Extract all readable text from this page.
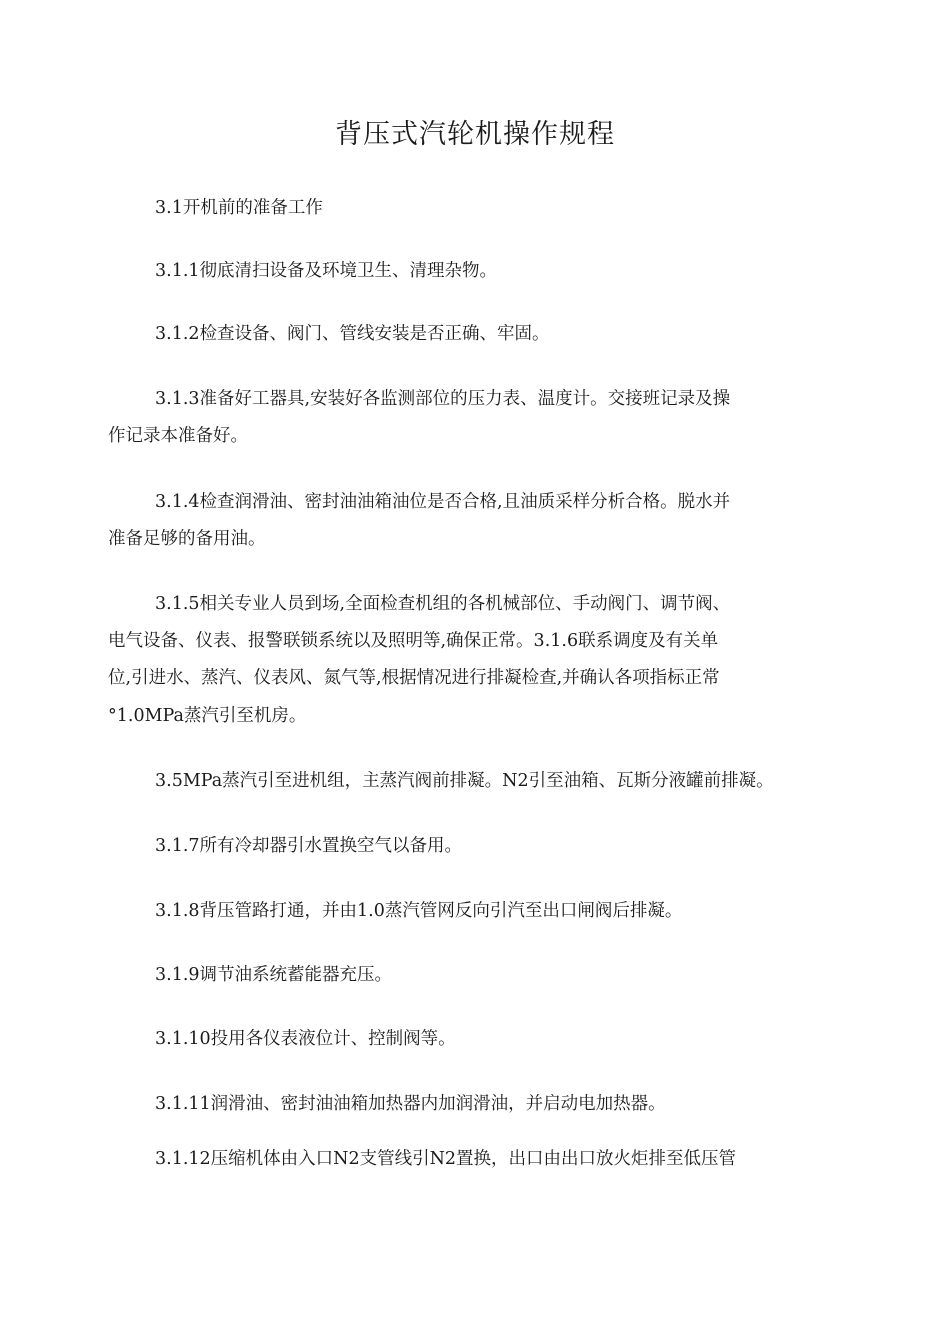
背压式汽轮机操作规程
3.1开机前的准备工作
3.1.1彻底清扫设备及环境卫生、清理杂物。
3.1.2检查设备、阀门、管线安装是否正确、牢固。
3.1.3准备好工器具,安装好各监测部位的压力表、温度计。交接班记录及操
作记录本准备好。
3.1.4检查润滑油、密封油油箱油位是否合格,且油质采样分析合格。脱水并
准备足够的备用油。
3.1.5相关专业人员到场,全面检查机组的各机械部位、手动阀门、调节阀、
电气设备、仪表、报警联锁系统以及照明等,确保正常。3.1.6联系调度及有关单
位,引进水、蒸汽、仪表风、氮气等,根据情况进行排凝检查,并确认各项指标正常
°1.0MPa蒸汽引至机房。
3.5MPa蒸汽引至进机组，主蒸汽阀前排凝。N2引至油箱、瓦斯分液罐前排凝。
3.1.7所有冷却器引水置换空气以备用。
3.1.8背压管路打通，并由1.0蒸汽管网反向引汽至出口闸阀后排凝。
3.1.9调节油系统蓄能器充压。
3.1.10投用各仪表液位计、控制阀等。
3.1.11润滑油、密封油油箱加热器内加润滑油，并启动电加热器。
3.1.12压缩机体由入口N2支管线引N2置换，出口由出口放火炬排至低压管
